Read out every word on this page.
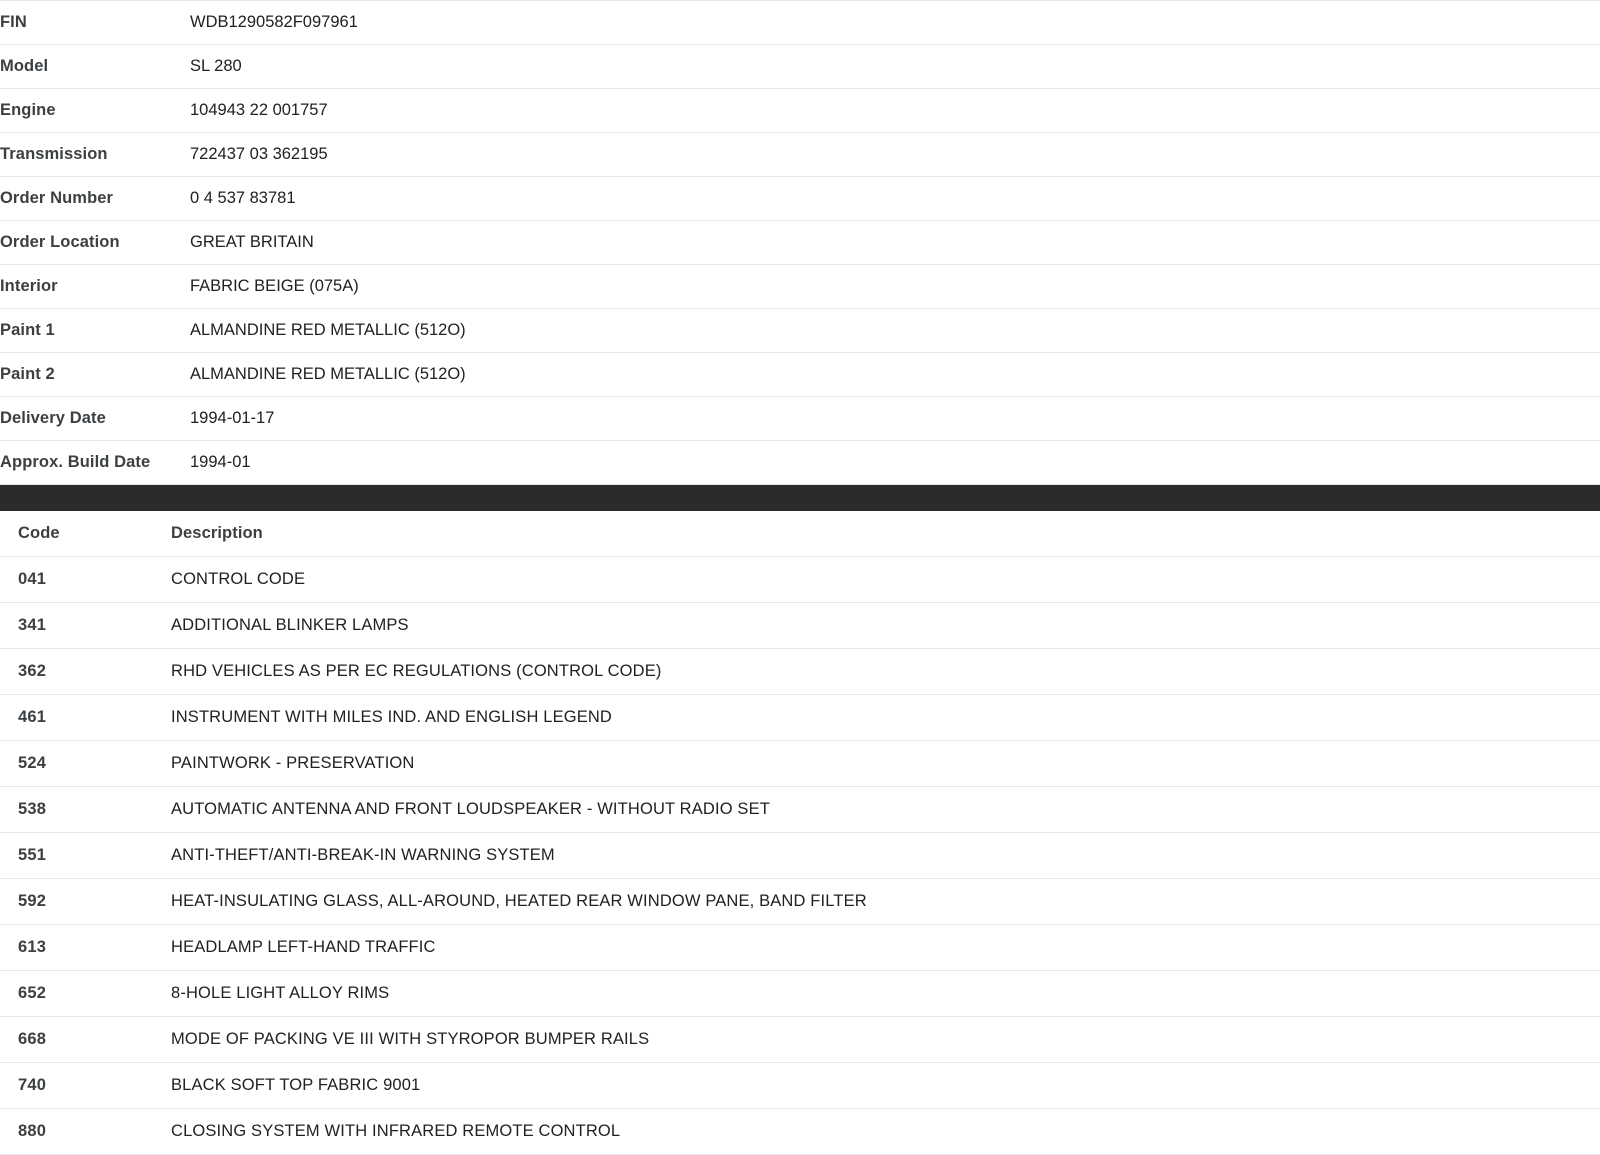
FIN	WDB1290582F097961
Model	SL 280
Engine	104943 22 001757
Transmission	722437 03 362195
Order Number	0 4 537 83781
Order Location	GREAT BRITAIN
Interior	FABRIC BEIGE (075A)
Paint 1	ALMANDINE RED METALLIC (512O)
Paint 2	ALMANDINE RED METALLIC (512O)
Delivery Date	1994-01-17
Approx. Build Date	1994-01
Code	Description
041	CONTROL CODE
341	ADDITIONAL BLINKER LAMPS
362	RHD VEHICLES AS PER EC REGULATIONS (CONTROL CODE)
461	INSTRUMENT WITH MILES IND. AND ENGLISH LEGEND
524	PAINTWORK - PRESERVATION
538	AUTOMATIC ANTENNA AND FRONT LOUDSPEAKER - WITHOUT RADIO SET
551	ANTI-THEFT/ANTI-BREAK-IN WARNING SYSTEM
592	HEAT-INSULATING GLASS, ALL-AROUND, HEATED REAR WINDOW PANE, BAND FILTER
613	HEADLAMP LEFT-HAND TRAFFIC
652	8-HOLE LIGHT ALLOY RIMS
668	MODE OF PACKING VE III WITH STYROPOR BUMPER RAILS
740	BLACK SOFT TOP FABRIC 9001
880	CLOSING SYSTEM WITH INFRARED REMOTE CONTROL
